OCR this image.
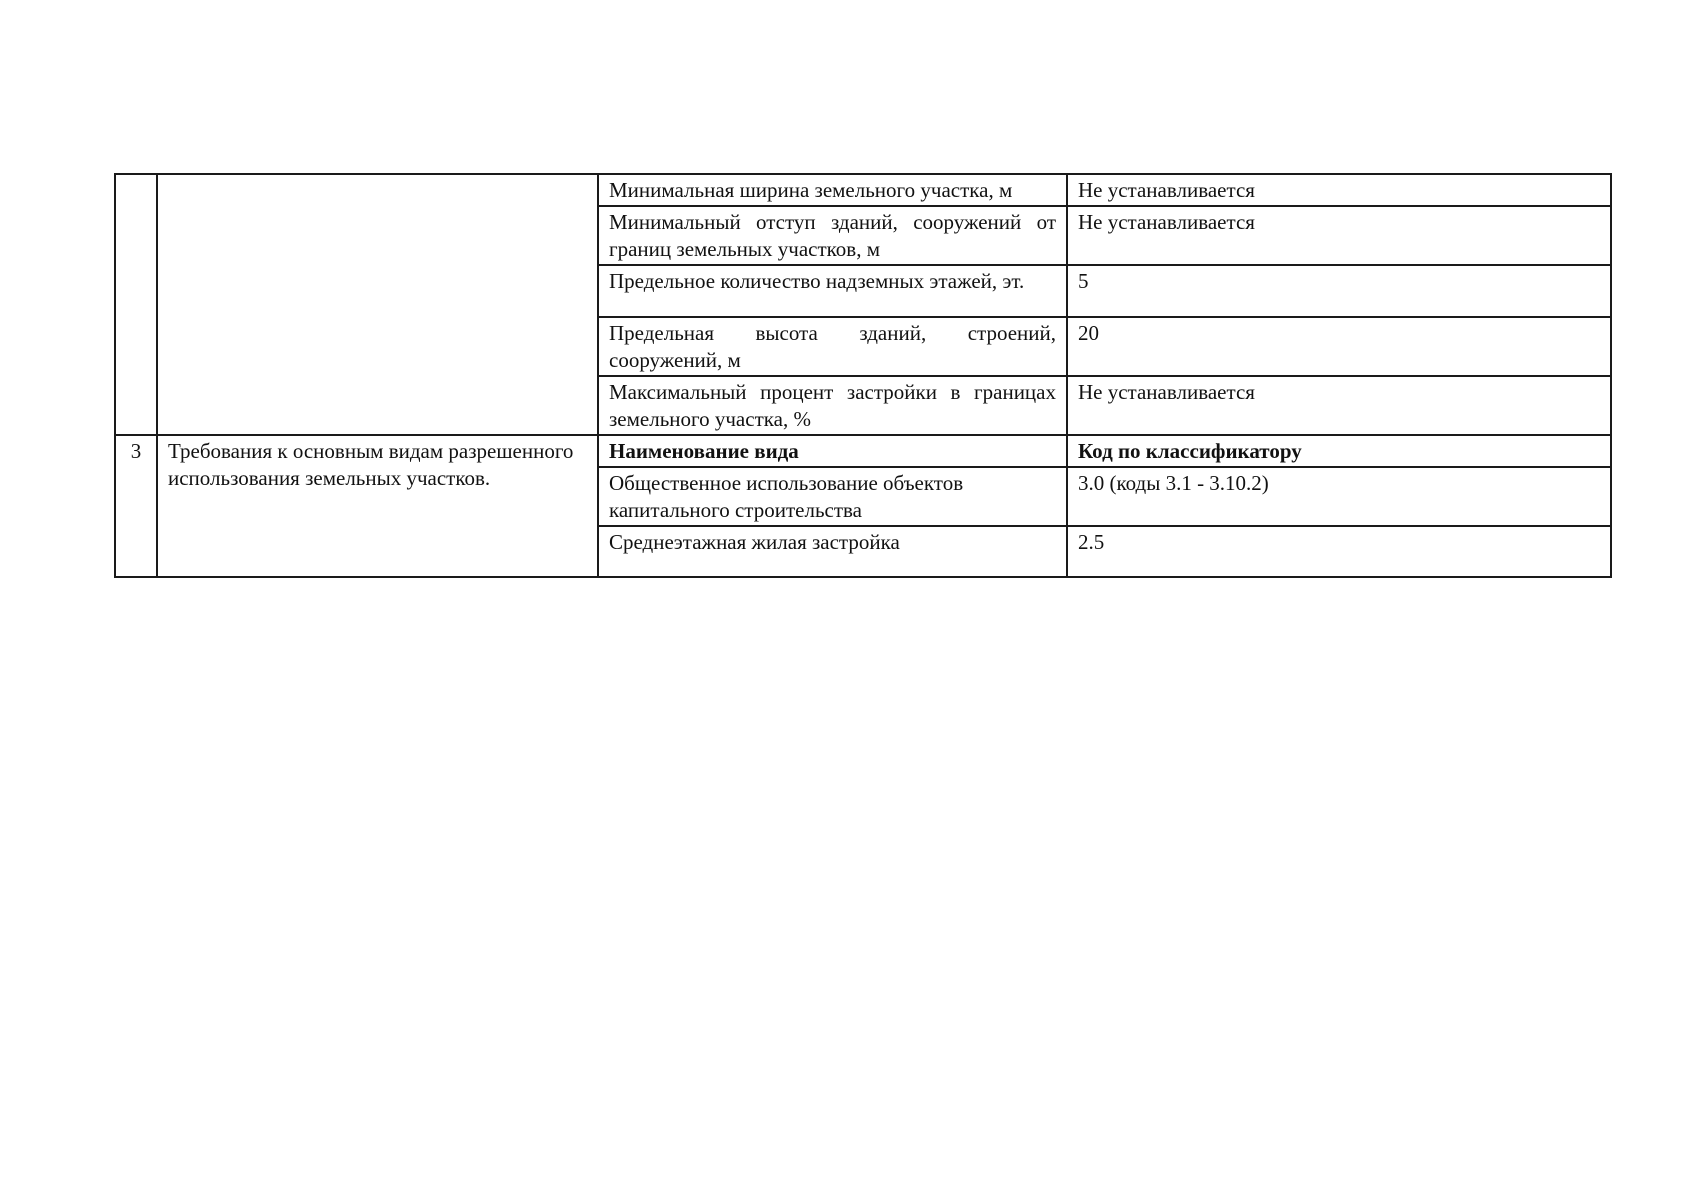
		Минимальная ширина земельного участка, м	Не устанавливается
		Минимальный отступ зданий, сооружений от границ земельных участков, м	Не устанавливается
		Предельное количество надземных этажей, эт.	5
		Предельная высота зданий, строений, сооружений, м	20
		Максимальный процент застройки в границах земельного участка, %	Не устанавливается
3	Требования к основным видам разрешенного использования земельных участков.	Наименование вида	Код по классификатору
		Общественное использование объектов капитального строительства	3.0 (коды 3.1 - 3.10.2)
		Среднеэтажная жилая застройка	2.5
